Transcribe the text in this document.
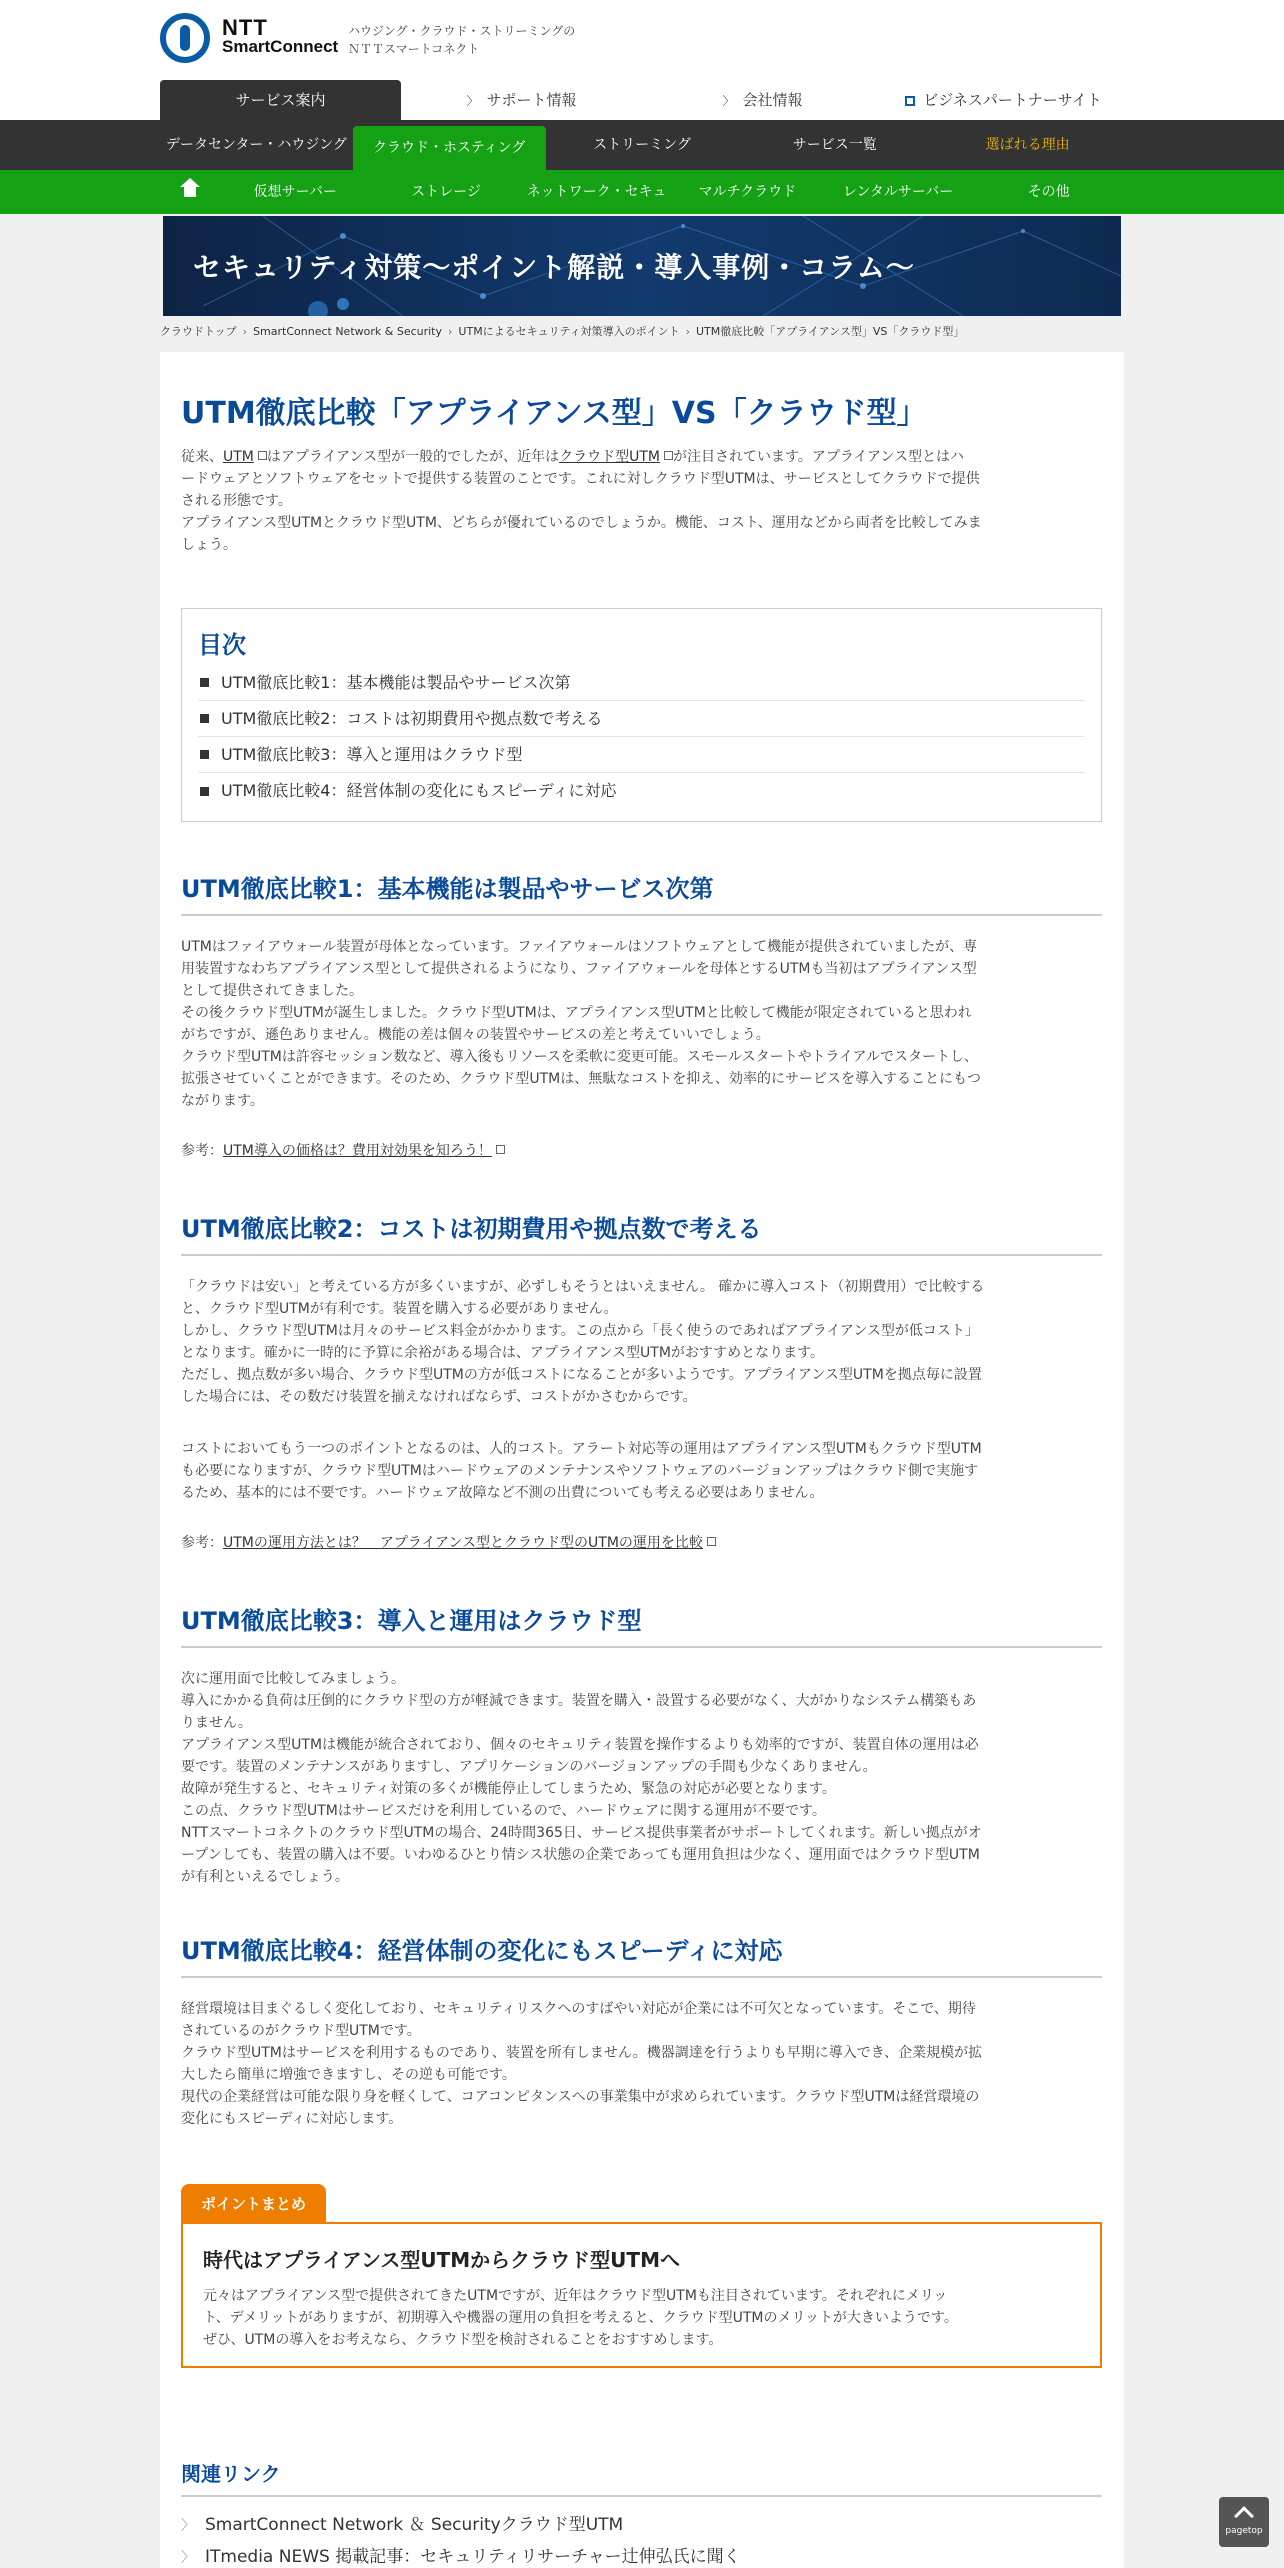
NTT
SmartConnect
ハウジング・クラウド・ストリーミングの
ＮＴＴスマートコネクト
サービス案内	〉 サポート情報	〉 会社情報	ビジネスパートナーサイト
データセンター・ハウジング	クラウド・ホスティング	ストリーミング	サービス一覧	選ばれる理由
仮想サーバー	ストレージ	ネットワーク・セキュ	マルチクラウド	レンタルサーバー	その他
セキュリティ対策～ポイント解説・導入事例・コラム～
クラウドトップ › SmartConnect Network & Security › UTMによるセキュリティ対策導入のポイント › UTM徹底比較「アプライアンス型」VS「クラウド型」
UTM徹底比較「アプライアンス型」VS「クラウド型」
従来、UTM はアプライアンス型が一般的でしたが、近年はクラウド型UTM が注目されています。アプライアンス型とはハ
ードウェアとソフトウェアをセットで提供する装置のことです。これに対しクラウド型UTMは、サービスとしてクラウドで提供
される形態です。
アプライアンス型UTMとクラウド型UTM、どちらが優れているのでしょうか。機能、コスト、運用などから両者を比較してみま
しょう。
目次
UTM徹底比較1：基本機能は製品やサービス次第
UTM徹底比較2：コストは初期費用や拠点数で考える
UTM徹底比較3：導入と運用はクラウド型
UTM徹底比較4：経営体制の変化にもスピーディに対応
UTM徹底比較1：基本機能は製品やサービス次第
UTMはファイアウォール装置が母体となっています。ファイアウォールはソフトウェアとして機能が提供されていましたが、専
用装置すなわちアプライアンス型として提供されるようになり、ファイアウォールを母体とするUTMも当初はアプライアンス型
として提供されてきました。
その後クラウド型UTMが誕生しました。クラウド型UTMは、アプライアンス型UTMと比較して機能が限定されていると思われ
がちですが、遜色ありません。機能の差は個々の装置やサービスの差と考えていいでしょう。
クラウド型UTMは許容セッション数など、導入後もリソースを柔軟に変更可能。スモールスタートやトライアルでスタートし、
拡張させていくことができます。そのため、クラウド型UTMは、無駄なコストを抑え、効率的にサービスを導入することにもつ
ながります。
参考：UTM導入の価格は？費用対効果を知ろう！
UTM徹底比較2：コストは初期費用や拠点数で考える
「クラウドは安い」と考えている方が多くいますが、必ずしもそうとはいえません。 確かに導入コスト（初期費用）で比較する
と、クラウド型UTMが有利です。装置を購入する必要がありません。
しかし、クラウド型UTMは月々のサービス料金がかかります。この点から「長く使うのであればアプライアンス型が低コスト」
となります。確かに一時的に予算に余裕がある場合は、アプライアンス型UTMがおすすめとなります。
ただし、拠点数が多い場合、クラウド型UTMの方が低コストになることが多いようです。アプライアンス型UTMを拠点毎に設置
した場合には、その数だけ装置を揃えなければならず、コストがかさむからです。
コストにおいてもう一つのポイントとなるのは、人的コスト。アラート対応等の運用はアプライアンス型UTMもクラウド型UTM
も必要になりますが、クラウド型UTMはハードウェアのメンテナンスやソフトウェアのバージョンアップはクラウド側で実施す
るため、基本的には不要です。ハードウェア故障など不測の出費についても考える必要はありません。
参考：UTMの運用方法とは？　アプライアンス型とクラウド型のUTMの運用を比較
UTM徹底比較3：導入と運用はクラウド型
次に運用面で比較してみましょう。
導入にかかる負荷は圧倒的にクラウド型の方が軽減できます。装置を購入・設置する必要がなく、大がかりなシステム構築もあ
りません。
アプライアンス型UTMは機能が統合されており、個々のセキュリティ装置を操作するよりも効率的ですが、装置自体の運用は必
要です。装置のメンテナンスがありますし、アプリケーションのバージョンアップの手間も少なくありません。
故障が発生すると、セキュリティ対策の多くが機能停止してしまうため、緊急の対応が必要となります。
この点、クラウド型UTMはサービスだけを利用しているので、ハードウェアに関する運用が不要です。
NTTスマートコネクトのクラウド型UTMの場合、24時間365日、サービス提供事業者がサポートしてくれます。新しい拠点がオ
ープンしても、装置の購入は不要。いわゆるひとり情シス状態の企業であっても運用負担は少なく、運用面ではクラウド型UTM
が有利といえるでしょう。
UTM徹底比較4：経営体制の変化にもスピーディに対応
経営環境は目まぐるしく変化しており、セキュリティリスクへのすばやい対応が企業には不可欠となっています。そこで、期待
されているのがクラウド型UTMです。
クラウド型UTMはサービスを利用するものであり、装置を所有しません。機器調達を行うよりも早期に導入でき、企業規模が拡
大したら簡単に増強できますし、その逆も可能です。
現代の企業経営は可能な限り身を軽くして、コアコンピタンスへの事業集中が求められています。クラウド型UTMは経営環境の
変化にもスピーディに対応します。
ポイントまとめ
時代はアプライアンス型UTMからクラウド型UTMへ
元々はアプライアンス型で提供されてきたUTMですが、近年はクラウド型UTMも注目されています。それぞれにメリッ
ト、デメリットがありますが、初期導入や機器の運用の負担を考えると、クラウド型UTMのメリットが大きいようです。
ぜひ、UTMの導入をお考えなら、クラウド型を検討されることをおすすめします。
関連リンク
〉 SmartConnect Network ＆ Securityクラウド型UTM
〉 ITmedia NEWS 掲載記事：セキュリティリサーチャー辻伸弘氏に聞く
pagetop
